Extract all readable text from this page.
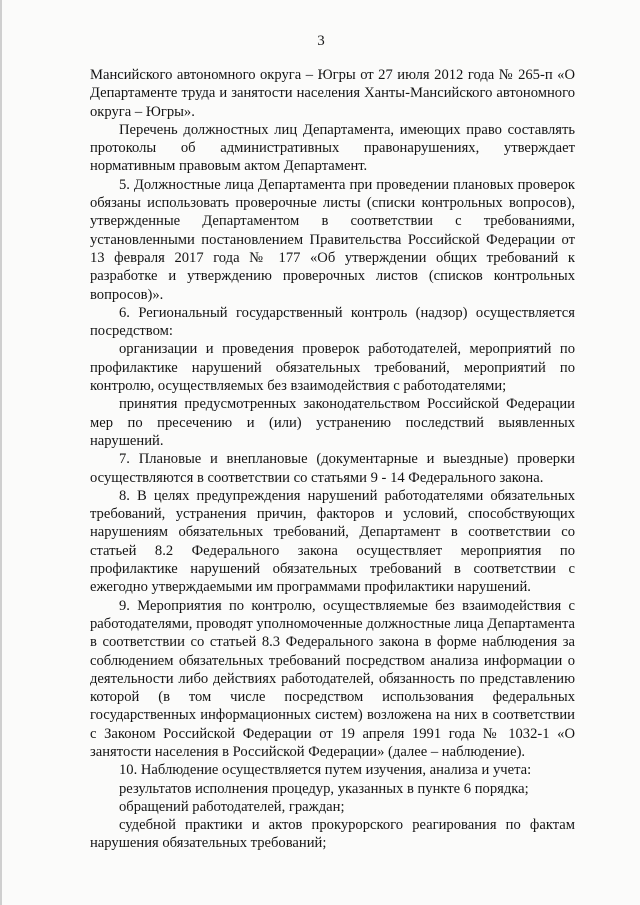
3

Мансийского автономного округа – Югры от 27 июля 2012 года № 265-п «О Департаменте труда и занятости населения Ханты-Мансийского автономного округа – Югры».

Перечень должностных лиц Департамента, имеющих право составлять протоколы об административных правонарушениях, утверждает нормативным правовым актом Департамент.

5. Должностные лица Департамента при проведении плановых проверок обязаны использовать проверочные листы (списки контрольных вопросов), утвержденные Департаментом в соответствии с требованиями, установленными постановлением Правительства Российской Федерации от 13 февраля 2017 года № 177 «Об утверждении общих требований к разработке и утверждению проверочных листов (списков контрольных вопросов)».

6. Региональный государственный контроль (надзор) осуществляется посредством:

организации и проведения проверок работодателей, мероприятий по профилактике нарушений обязательных требований, мероприятий по контролю, осуществляемых без взаимодействия с работодателями;

принятия предусмотренных законодательством Российской Федерации мер по пресечению и (или) устранению последствий выявленных нарушений.

7. Плановые и внеплановые (документарные и выездные) проверки осуществляются в соответствии со статьями 9 - 14 Федерального закона.

8. В целях предупреждения нарушений работодателями обязательных требований, устранения причин, факторов и условий, способствующих нарушениям обязательных требований, Департамент в соответствии со статьей 8.2 Федерального закона осуществляет мероприятия по профилактике нарушений обязательных требований в соответствии с ежегодно утверждаемыми им программами профилактики нарушений.

9. Мероприятия по контролю, осуществляемые без взаимодействия с работодателями, проводят уполномоченные должностные лица Департамента в соответствии со статьей 8.3 Федерального закона в форме наблюдения за соблюдением обязательных требований посредством анализа информации о деятельности либо действиях работодателей, обязанность по представлению которой (в том числе посредством использования федеральных государственных информационных систем) возложена на них в соответствии с Законом Российской Федерации от 19 апреля 1991 года № 1032-1 «О занятости населения в Российской Федерации» (далее – наблюдение).

10. Наблюдение осуществляется путем изучения, анализа и учета:

результатов исполнения процедур, указанных в пункте 6 порядка;

обращений работодателей, граждан;

судебной практики и актов прокурорского реагирования по фактам нарушения обязательных требований;
